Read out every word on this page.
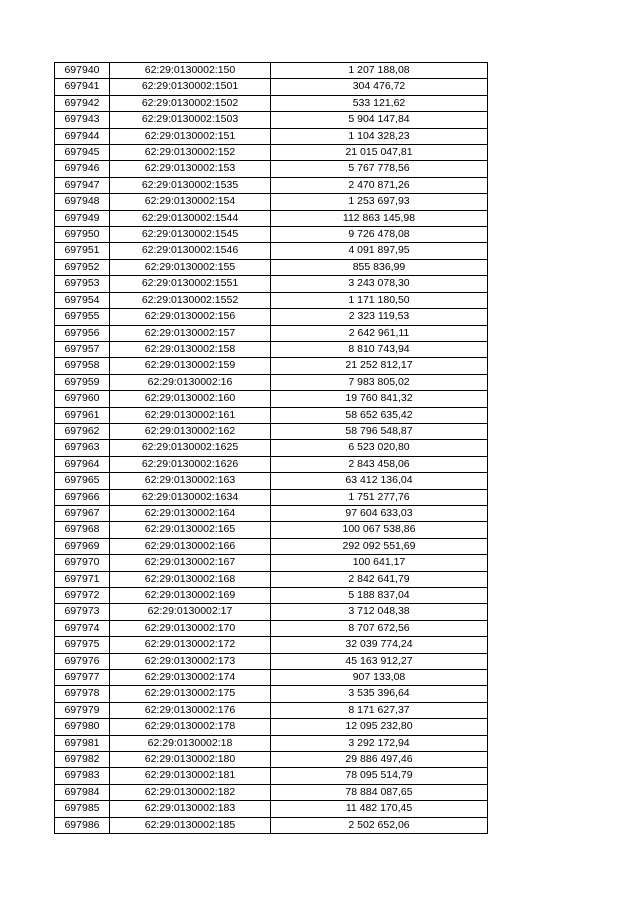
697940	62:29:0130002:150	1 207 188,08
697941	62:29:0130002:1501	304 476,72
697942	62:29:0130002:1502	533 121,62
697943	62:29:0130002:1503	5 904 147,84
697944	62:29:0130002:151	1 104 328,23
697945	62:29:0130002:152	21 015 047,81
697946	62:29:0130002:153	5 767 778,56
697947	62:29:0130002:1535	2 470 871,26
697948	62:29:0130002:154	1 253 697,93
697949	62:29:0130002:1544	112 863 145,98
697950	62:29:0130002:1545	9 726 478,08
697951	62:29:0130002:1546	4 091 897,95
697952	62:29:0130002:155	855 836,99
697953	62:29:0130002:1551	3 243 078,30
697954	62:29:0130002:1552	1 171 180,50
697955	62:29:0130002:156	2 323 119,53
697956	62:29:0130002:157	2 642 961,11
697957	62:29:0130002:158	8 810 743,94
697958	62:29:0130002:159	21 252 812,17
697959	62:29:0130002:16	7 983 805,02
697960	62:29:0130002:160	19 760 841,32
697961	62:29:0130002:161	58 652 635,42
697962	62:29:0130002:162	58 796 548,87
697963	62:29:0130002:1625	6 523 020,80
697964	62:29:0130002:1626	2 843 458,06
697965	62:29:0130002:163	63 412 136,04
697966	62:29:0130002:1634	1 751 277,76
697967	62:29:0130002:164	97 604 633,03
697968	62:29:0130002:165	100 067 538,86
697969	62:29:0130002:166	292 092 551,69
697970	62:29:0130002:167	100 641,17
697971	62:29:0130002:168	2 842 641,79
697972	62:29:0130002:169	5 188 837,04
697973	62:29:0130002:17	3 712 048,38
697974	62:29:0130002:170	8 707 672,56
697975	62:29:0130002:172	32 039 774,24
697976	62:29:0130002:173	45 163 912,27
697977	62:29:0130002:174	907 133,08
697978	62:29:0130002:175	3 535 396,64
697979	62:29:0130002:176	8 171 627,37
697980	62:29:0130002:178	12 095 232,80
697981	62:29:0130002:18	3 292 172,94
697982	62:29:0130002:180	29 886 497,46
697983	62:29:0130002:181	78 095 514,79
697984	62:29:0130002:182	78 884 087,65
697985	62:29:0130002:183	11 482 170,45
697986	62:29:0130002:185	2 502 652,06
